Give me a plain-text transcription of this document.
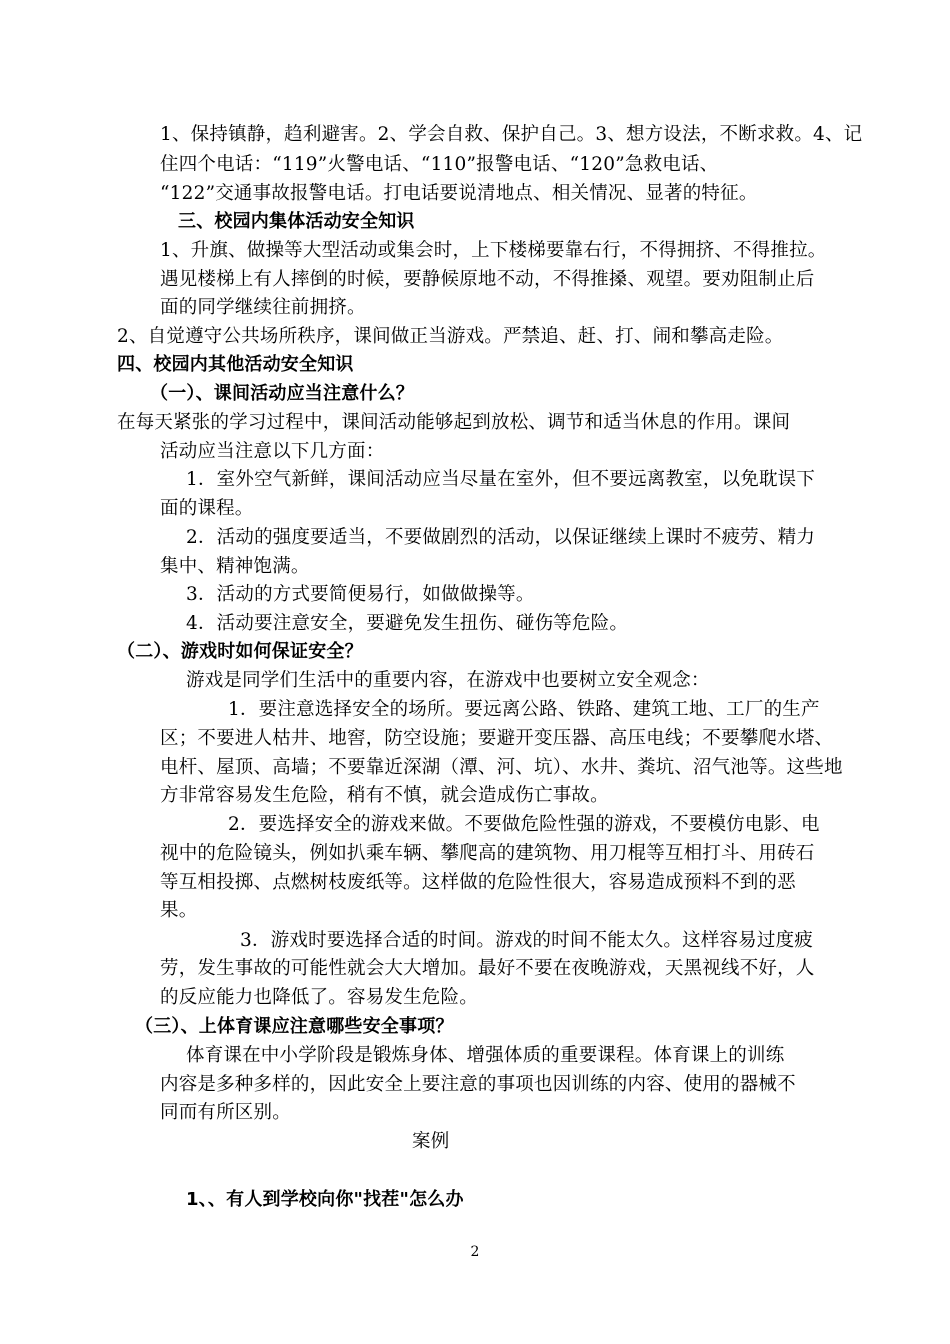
1、保持镇静，趋利避害。2、学会自救、保护自己。3、想方设法，不断求救。4、记
住四个电话：“119”火警电话、“110”报警电话、“120”急救电话、
“122”交通事故报警电话。打电话要说清地点、相关情况、显著的特征。
三、校园内集体活动安全知识
1、升旗、做操等大型活动或集会时，上下楼梯要靠右行，不得拥挤、不得推拉。
遇见楼梯上有人摔倒的时候，要静候原地不动，不得推搡、观望。要劝阻制止后
面的同学继续往前拥挤。
2、自觉遵守公共场所秩序，课间做正当游戏。严禁追、赶、打、闹和攀高走险。
四、校园内其他活动安全知识
（一）、课间活动应当注意什么？
在每天紧张的学习过程中，课间活动能够起到放松、调节和适当休息的作用。课间
活动应当注意以下几方面：
1．室外空气新鲜，课间活动应当尽量在室外，但不要远离教室，以免耽误下
面的课程。
2．活动的强度要适当，不要做剧烈的活动，以保证继续上课时不疲劳、精力
集中、精神饱满。
3．活动的方式要简便易行，如做做操等。
4．活动要注意安全，要避免发生扭伤、碰伤等危险。
（二）、游戏时如何保证安全？
游戏是同学们生活中的重要内容，在游戏中也要树立安全观念：
1．要注意选择安全的场所。要远离公路、铁路、建筑工地、工厂的生产
区；不要进人枯井、地窖，防空设施；要避开变压器、高压电线；不要攀爬水塔、
电杆、屋顶、高墙；不要靠近深湖（潭、河、坑）、水井、粪坑、沼气池等。这些地
方非常容易发生危险，稍有不慎，就会造成伤亡事故。
2．要选择安全的游戏来做。不要做危险性强的游戏，不要模仿电影、电
视中的危险镜头，例如扒乘车辆、攀爬高的建筑物、用刀棍等互相打斗、用砖石
等互相投掷、点燃树枝废纸等。这样做的危险性很大，容易造成预料不到的恶
果。
3．游戏时要选择合适的时间。游戏的时间不能太久。这样容易过度疲
劳，发生事故的可能性就会大大增加。最好不要在夜晚游戏，天黑视线不好，人
的反应能力也降低了。容易发生危险。
（三）、上体育课应注意哪些安全事项？
体育课在中小学阶段是锻炼身体、增强体质的重要课程。体育课上的训练
内容是多种多样的，因此安全上要注意的事项也因训练的内容、使用的器械不
同而有所区别。
案例
1、、有人到学校向你"找茬"怎么办
2
